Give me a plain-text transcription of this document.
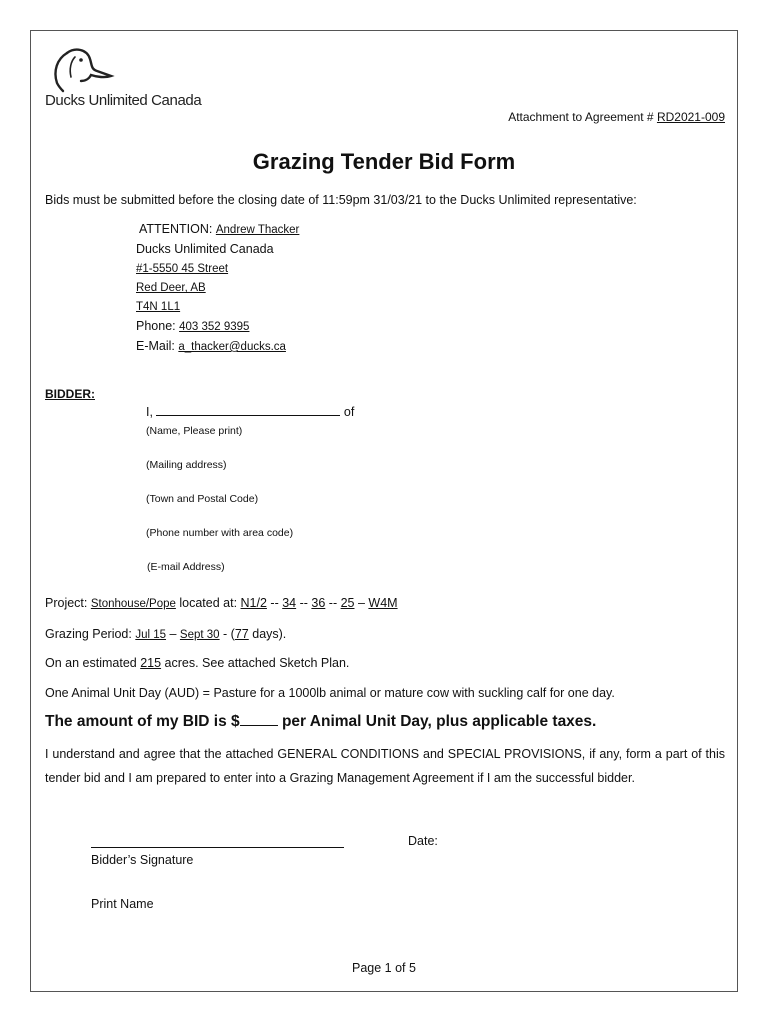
Ducks Unlimited Canada
Attachment to Agreement # RD2021-009
Grazing Tender Bid Form
Bids must be submitted before the closing date of 11:59pm 31/03/21 to the Ducks Unlimited representative:
ATTENTION: Andrew Thacker
Ducks Unlimited Canada
#1-5550 45 Street
Red Deer, AB
T4N 1L1
Phone: 403 352 9395
E-Mail: a_thacker@ducks.ca
BIDDER:
I,	of
(Name, Please print)
(Mailing address)
(Town and Postal Code)
(Phone number with area code)
(E-mail Address)
Project: Stonhouse/Pope located at: N1/2 -- 34 -- 36 -- 25 – W4M
Grazing Period: Jul 15 – Sept 30 - (77 days).
On an estimated 215 acres. See attached Sketch Plan.
One Animal Unit Day (AUD) = Pasture for a 1000lb animal or mature cow with suckling calf for one day.
The amount of my BID is $	per Animal Unit Day, plus applicable taxes.
I understand and agree that the attached GENERAL CONDITIONS and SPECIAL PROVISIONS, if any, form a part of this tender bid and I am prepared to enter into a Grazing Management Agreement if I am the successful bidder.
Date:
Bidder’s Signature
Print Name
Page 1 of 5
